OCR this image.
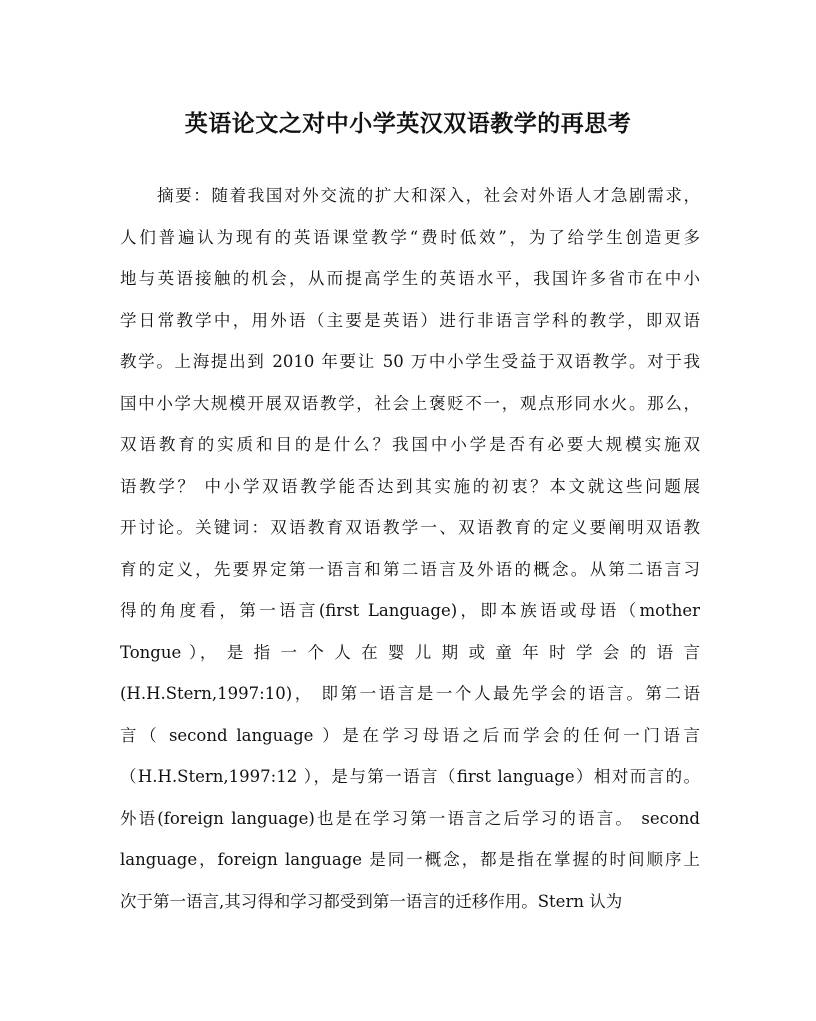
英语论文之对中小学英汉双语教学的再思考
摘要：随着我国对外交流的扩大和深入，社会对外语人才急剧需求，
人们普遍认为现有的英语课堂教学“费时低效”，为了给学生创造更多
地与英语接触的机会，从而提高学生的英语水平，我国许多省市在中小
学日常教学中，用外语（主要是英语）进行非语言学科的教学，即双语
教学。上海提出到 2010 年要让 50 万中小学生受益于双语教学。对于我
国中小学大规模开展双语教学，社会上褒贬不一，观点形同水火。那么，
双语教育的实质和目的是什么？我国中小学是否有必要大规模实施双
语教学？ 中小学双语教学能否达到其实施的初衷？本文就这些问题展
开讨论。关键词：双语教育双语教学一、双语教育的定义要阐明双语教
育的定义，先要界定第一语言和第二语言及外语的概念。从第二语言习
得的角度看，第一语言(first Language)，即本族语或母语（mother
Tongue ）， 是 指 一 个 人 在 婴 儿 期 或 童 年 时 学 会 的 语 言
(H.H.Stern,1997:10)， 即第一语言是一个人最先学会的语言。第二语
言（ second language ）是在学习母语之后而学会的任何一门语言
（H.H.Stern,1997:12 ），是与第一语言（first language）相对而言的。
外语(foreign language)也是在学习第一语言之后学习的语言。 second
language，foreign language 是同一概念，都是指在掌握的时间顺序上
次于第一语言,其习得和学习都受到第一语言的迁移作用。Stern 认为
